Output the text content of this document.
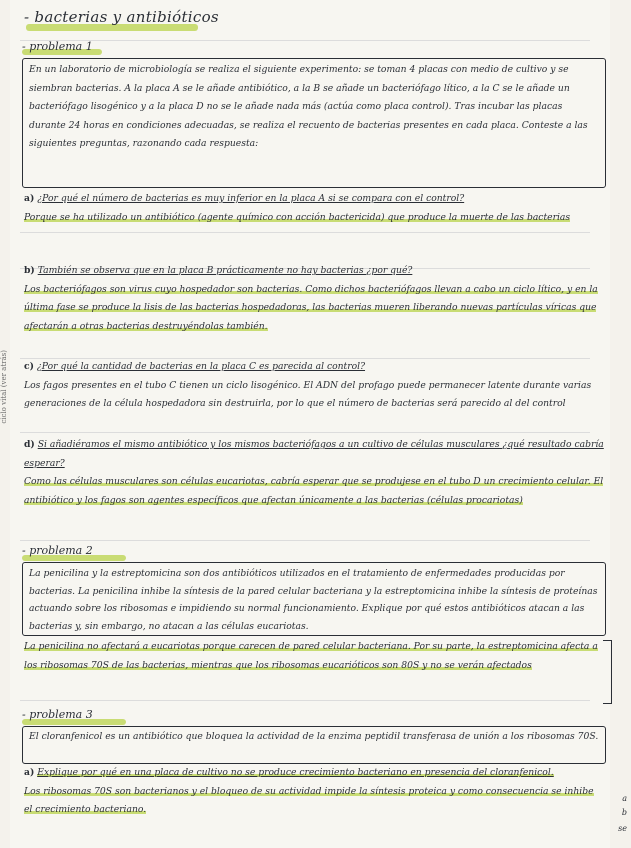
ciclo vital (ver atrás)
- bacterias y antibióticos
- problema 1
En un laboratorio de microbiología se realiza el siguiente experimento: se toman 4 placas con medio de cultivo y se siembran bacterias. A la placa A se le añade antibiótico, a la B se añade un bacteriófago lítico, a la C se le añade un bacteriófago lisogénico y a la placa D no se le añade nada más (actúa como placa control). Tras incubar las placas durante 24 horas en condiciones adecuadas, se realiza el recuento de bacterias presentes en cada placa. Conteste a las siguientes preguntas, razonando cada respuesta:
a) ¿Por qué el número de bacterias es muy inferior en la placa A si se compara con el control?
Porque se ha utilizado un antibiótico (agente químico con acción bactericida) que produce la muerte de las bacterias
b) También se observa que en la placa B prácticamente no hay bacterias ¿por qué?
Los bacteriófagos son virus cuyo hospedador son bacterias. Como dichos bacteriófagos llevan a cabo un ciclo lítico, y en la última fase se produce la lisis de las bacterias hospedadoras, las bacterias mueren liberando nuevas partículas víricas que afectarán a otras bacterias destruyéndolas también.
c) ¿Por qué la cantidad de bacterias en la placa C es parecida al control?
Los fagos presentes en el tubo C tienen un ciclo lisogénico. El ADN del profago puede permanecer latente durante varias generaciones de la célula hospedadora sin destruirla, por lo que el número de bacterias será parecido al del control
d) Si añadiéramos el mismo antibiótico y los mismos bacteriófagos a un cultivo de células musculares ¿qué resultado cabría esperar?
Como las células musculares son células eucariotas, cabría esperar que se produjese en el tubo D un crecimiento celular. El antibiótico y los fagos son agentes específicos que afectan únicamente a las bacterias (células procariotas)
- problema 2
La penicilina y la estreptomicina son dos antibióticos utilizados en el tratamiento de enfermedades producidas por bacterias. La penicilina inhibe la síntesis de la pared celular bacteriana y la estreptomicina inhibe la síntesis de proteínas actuando sobre los ribosomas e impidiendo su normal funcionamiento. Explique por qué estos antibióticos atacan a las bacterias y, sin embargo, no atacan a las células eucariotas.
La penicilina no afectará a eucariotas porque carecen de pared celular bacteriana. Por su parte, la estreptomicina afecta a los ribosomas 70S de las bacterias, mientras que los ribosomas eucarióticos son 80S y no se verán afectados
- problema 3
El cloranfenicol es un antibiótico que bloquea la actividad de la enzima peptidil transferasa de unión a los ribosomas 70S.
a) Explique por qué en una placa de cultivo no se produce crecimiento bacteriano en presencia del cloranfenicol.
Los ribosomas 70S son bacterianos y el bloqueo de su actividad impide la síntesis proteica y como consecuencia se inhibe el crecimiento bacteriano.
a
b
se
